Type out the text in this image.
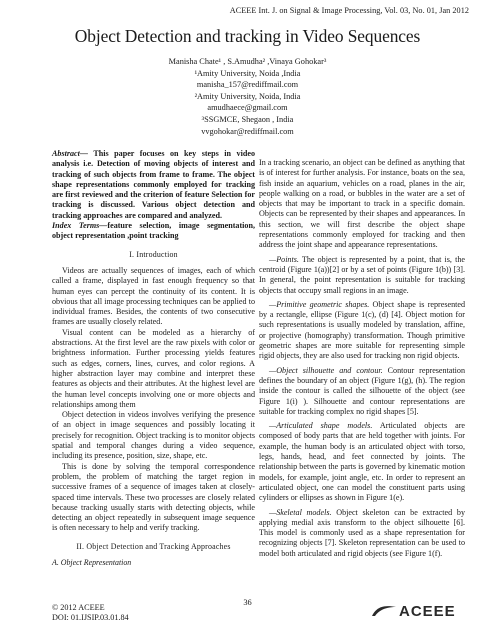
ACEEE Int. J. on Signal & Image Processing, Vol. 03, No. 01, Jan 2012
Object Detection and tracking in Video Sequences
Manisha Chate¹ , S.Amudha² ,Vinaya Gohokar³
¹Amity University, Noida ,India
manisha_157@rediffmail.com
²Amity University, Noida, India
amudhaece@gmail.com
³SSGMCE, Shegaon , India
vvgohokar@rediffmail.com

Abstract— This paper focuses on key steps in video analysis i.e. Detection of moving objects of interest and tracking of such objects from frame to frame. The object shape representations commonly employed for tracking are first reviewed and the criterion of feature Selection for tracking is discussed. Various object detection and tracking approaches are compared and analyzed.

Index Terms—feature selection, image segmentation, object representation ,point tracking

I. Introduction

Videos are actually sequences of images, each of which called a frame, displayed in fast enough frequency so that human eyes can percept the continuity of its content. It is obvious that all image processing techniques can be applied to individual frames. Besides, the contents of two consecutive frames are usually closely related.

Visual content can be modeled as a hierarchy of abstractions. At the first level are the raw pixels with color or brightness information. Further processing yields features such as edges, corners, lines, curves, and color regions. A higher abstraction layer may combine and interpret these features as objects and their attributes. At the highest level are the human level concepts involving one or more objects and relationships among them

Object detection in videos involves verifying the presence of an object in image sequences and possibly locating it precisely for recognition. Object tracking is to monitor objects spatial and temporal changes during a video sequence, including its presence, position, size, shape, etc.

This is done by solving the temporal correspondence problem, the problem of matching the target region in successive frames of a sequence of images taken at closely-spaced time intervals. These two processes are closely related because tracking usually starts with detecting objects, while detecting an object repeatedly in subsequent image sequence is often necessary to help and verify tracking.

II. Object Detection and Tracking Approaches
A. Object Representation

In a tracking scenario, an object can be defined as anything that is of interest for further analysis. For instance, boats on the sea, fish inside an aquarium, vehicles on a road, planes in the air, people walking on a road, or bubbles in the water are a set of objects that may be important to track in a specific domain. Objects can be represented by their shapes and appearances. In this section, we will first describe the object shape representations commonly employed for tracking and then address the joint shape and appearance representations.

—Points. The object is represented by a point, that is, the centroid (Figure 1(a))[2] or by a set of points (Figure 1(b)) [3]. In general, the point representation is suitable for tracking objects that occupy small regions in an image.

—Primitive geometric shapes. Object shape is represented by a rectangle, ellipse (Figure 1(c), (d) [4]. Object motion for such representations is usually modeled by translation, affine, or projective (homography) transformation. Though primitive geometric shapes are more suitable for representing simple rigid objects, they are also used for tracking non rigid objects.

—Object silhouette and contour. Contour representation defines the boundary of an object (Figure 1(g), (h). The region inside the contour is called the silhouette of the object (see Figure 1(i) ). Silhouette and contour representations are suitable for tracking complex no rigid shapes [5].

—Articulated shape models. Articulated objects are composed of body parts that are held together with joints. For example, the human body is an articulated object with torso, legs, hands, head, and feet connected by joints. The relationship between the parts is governed by kinematic motion models, for example, joint angle, etc. In order to represent an articulated object, one can model the constituent parts using cylinders or ellipses as shown in Figure 1(e).

—Skeletal models. Object skeleton can be extracted by applying medial axis transform to the object silhouette [6]. This model is commonly used as a shape representation for recognizing objects [7]. Skeleton representation can be used to model both articulated and rigid objects (see Figure 1(f).

© 2012 ACEEE
DOI: 01.IJSIP.03.01.84
36	ACEEE
